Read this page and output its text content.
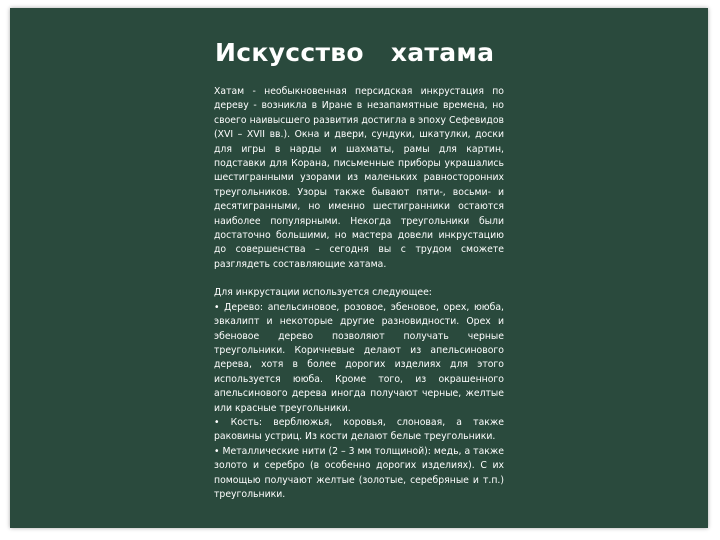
Искусство   хатама

Хатам - необыкновенная персидская инкрустация по дереву - возникла в Иране в незапамятные времена, но своего наивысшего развития достигла в эпоху Сефевидов (XVI – XVII вв.). Окна и двери, сундуки, шкатулки, доски для игры в нарды и шахматы, рамы для картин, подставки для Корана, письменные приборы украшались шестигранными узорами из маленьких равносторонних треугольников. Узоры также бывают пяти-, восьми- и десятигранными, но именно шестигранники остаются наиболее популярными. Некогда треугольники были достаточно большими, но мастера довели инкрустацию до совершенства – сегодня вы с трудом сможете разглядеть составляющие хатама.

Для инкрустации используется следующее:

• Дерево: апельсиновое, розовое, эбеновое, орех, ююба, эвкалипт и некоторые другие разновидности. Орех и эбеновое дерево позволяют получать черные треугольники. Коричневые делают из апельсинового дерева, хотя в более дорогих изделиях для этого используется ююба. Кроме того, из окрашенного апельсинового дерева иногда получают черные, желтые или красные треугольники.

• Кость: верблюжья, коровья, слоновая, а также раковины устриц. Из кости делают белые треугольники.

• Металлические нити (2 – 3 мм толщиной): медь, а также золото и серебро (в особенно дорогих изделиях). С их помощью получают желтые (золотые, серебряные и т.п.) треугольники.
